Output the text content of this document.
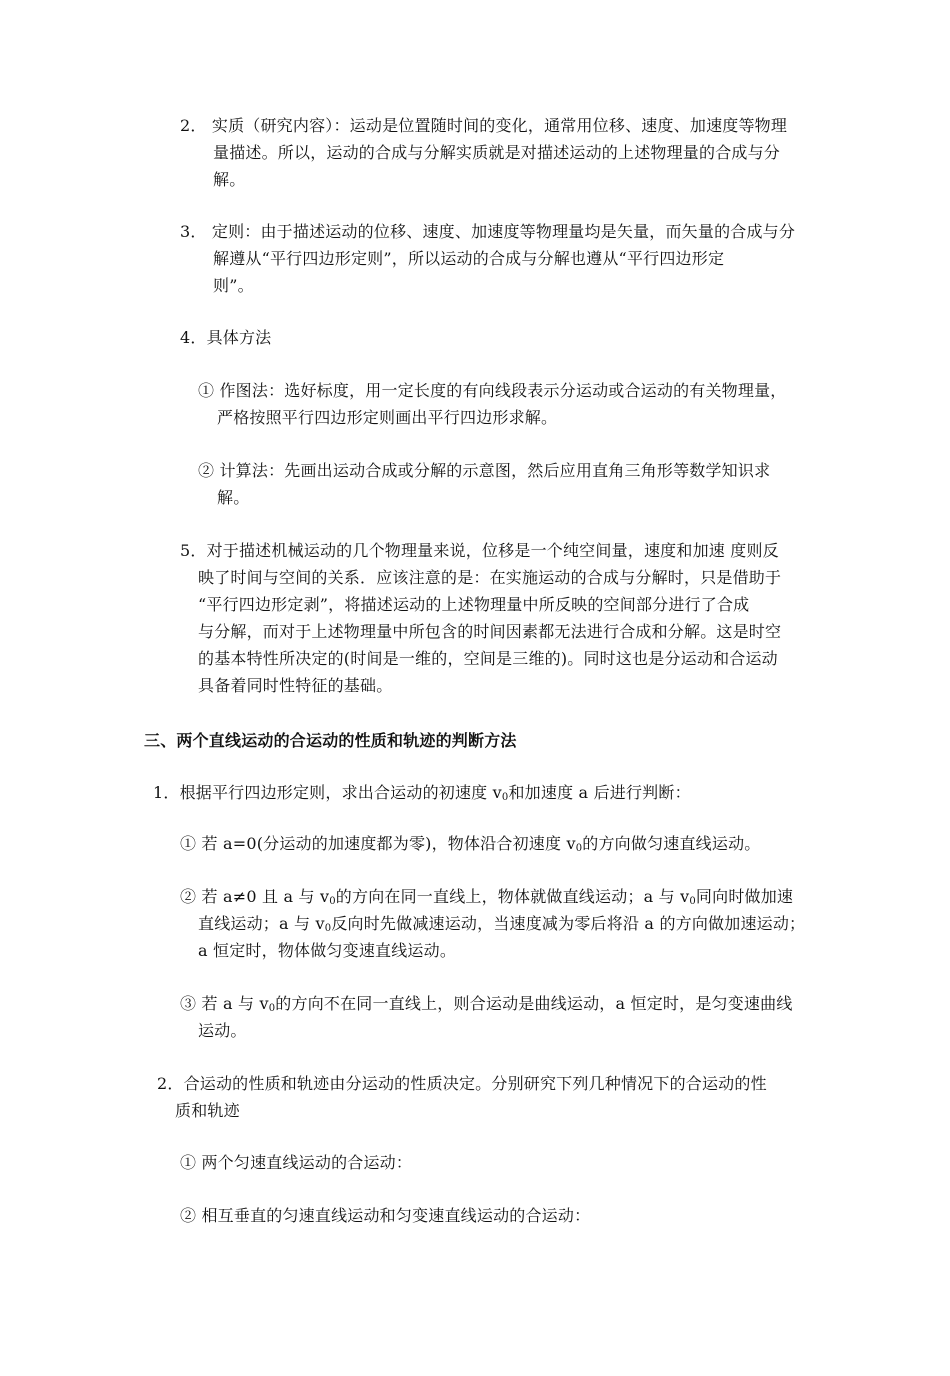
2． 实质（研究内容）：运动是位置随时间的变化，通常用位移、速度、加速度等物理
量描述。所以，运动的合成与分解实质就是对描述运动的上述物理量的合成与分
解。
3． 定则：由于描述运动的位移、速度、加速度等物理量均是矢量，而矢量的合成与分
解遵从“平行四边形定则”，所以运动的合成与分解也遵从“平行四边形定
则”。
4．具体方法
① 作图法：选好标度，用一定长度的有向线段表示分运动或合运动的有关物理量，
严格按照平行四边形定则画出平行四边形求解。
② 计算法：先画出运动合成或分解的示意图，然后应用直角三角形等数学知识求
解。
5．对于描述机械运动的几个物理量来说，位移是一个纯空间量，速度和加速 度则反
映了时间与空间的关系．应该注意的是：在实施运动的合成与分解时，只是借助于
“平行四边形定剥”，将描述运动的上述物理量中所反映的空间部分进行了合成
与分解，而对于上述物理量中所包含的时间因素都无法进行合成和分解。这是时空
的基本特性所决定的(时间是一维的，空间是三维的)。同时这也是分运动和合运动
具备着同时性特征的基础。
三、两个直线运动的合运动的性质和轨迹的判断方法
1．根据平行四边形定则，求出合运动的初速度 $v_0$和加速度 a 后进行判断：
① 若 a=0(分运动的加速度都为零)，物体沿合初速度 $v_0$的方向做匀速直线运动。
② 若 a≠0 且 a 与 $v_0$的方向在同一直线上，物体就做直线运动；a 与 $v_0$同向时做加速
直线运动；a 与 $v_0$反向时先做减速运动，当速度减为零后将沿 a 的方向做加速运动；
a 恒定时，物体做匀变速直线运动。
③ 若 a 与 $v_0$的方向不在同一直线上，则合运动是曲线运动，a 恒定时，是匀变速曲线
运动。
2．合运动的性质和轨迹由分运动的性质决定。分别研究下列几种情况下的合运动的性
质和轨迹
① 两个匀速直线运动的合运动：
② 相互垂直的匀速直线运动和匀变速直线运动的合运动：
